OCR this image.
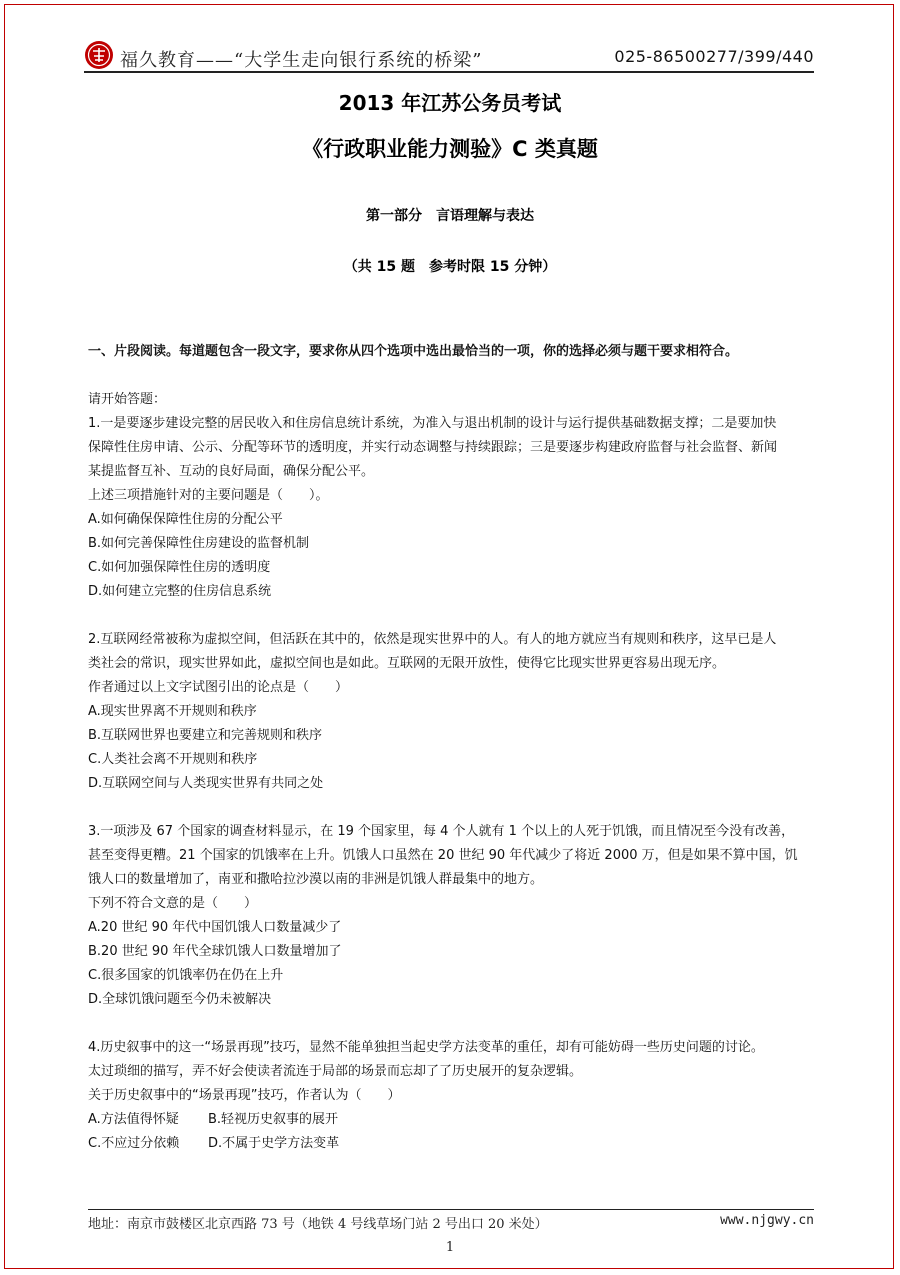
福久教育——“大学生走向银行系统的桥梁”	025-86500277/399/440
2013 年江苏公务员考试
《行政职业能力测验》C 类真题
第一部分　言语理解与表达
（共 15 题　参考时限 15 分钟）
一、片段阅读。每道题包含一段文字，要求你从四个选项中选出最恰当的一项，你的选择必须与题干要求相符合。
请开始答题：
1.一是要逐步建设完整的居民收入和住房信息统计系统，为准入与退出机制的设计与运行提供基础数据支撑；二是要加快
保障性住房申请、公示、分配等环节的透明度，并实行动态调整与持续跟踪；三是要逐步构建政府监督与社会监督、新闻
某提监督互补、互动的良好局面，确保分配公平。
上述三项措施针对的主要问题是（　　）。
A.如何确保保障性住房的分配公平
B.如何完善保障性住房建设的监督机制
C.如何加强保障性住房的透明度
D.如何建立完整的住房信息系统
2.互联网经常被称为虚拟空间，但活跃在其中的，依然是现实世界中的人。有人的地方就应当有规则和秩序，这早已是人
类社会的常识，现实世界如此，虚拟空间也是如此。互联网的无限开放性，使得它比现实世界更容易出现无序。
作者通过以上文字试图引出的论点是（　　）
A.现实世界离不开规则和秩序
B.互联网世界也要建立和完善规则和秩序
C.人类社会离不开规则和秩序
D.互联网空间与人类现实世界有共同之处
3.一项涉及 67 个国家的调查材料显示，在 19 个国家里，每 4 个人就有 1 个以上的人死于饥饿，而且情况至今没有改善，
甚至变得更糟。21 个国家的饥饿率在上升。饥饿人口虽然在 20 世纪 90 年代减少了将近 2000 万，但是如果不算中国，饥
饿人口的数量增加了，南亚和撒哈拉沙漠以南的非洲是饥饿人群最集中的地方。
下列不符合文意的是（　　）
A.20 世纪 90 年代中国饥饿人口数量减少了
B.20 世纪 90 年代全球饥饿人口数量增加了
C.很多国家的饥饿率仍在仍在上升
D.全球饥饿问题至今仍未被解决
4.历史叙事中的这一“场景再现”技巧，显然不能单独担当起史学方法变革的重任，却有可能妨碍一些历史问题的讨论。
太过琐细的描写，弄不好会使读者流连于局部的场景而忘却了了历史展开的复杂逻辑。
关于历史叙事中的“场景再现”技巧，作者认为（　　）
A.方法值得怀疑	B.轻视历史叙事的展开
C.不应过分依赖	D.不属于史学方法变革
地址：南京市鼓楼区北京西路 73 号（地铁 4 号线草场门站 2 号出口 20 米处）	www.njgwy.cn
1
